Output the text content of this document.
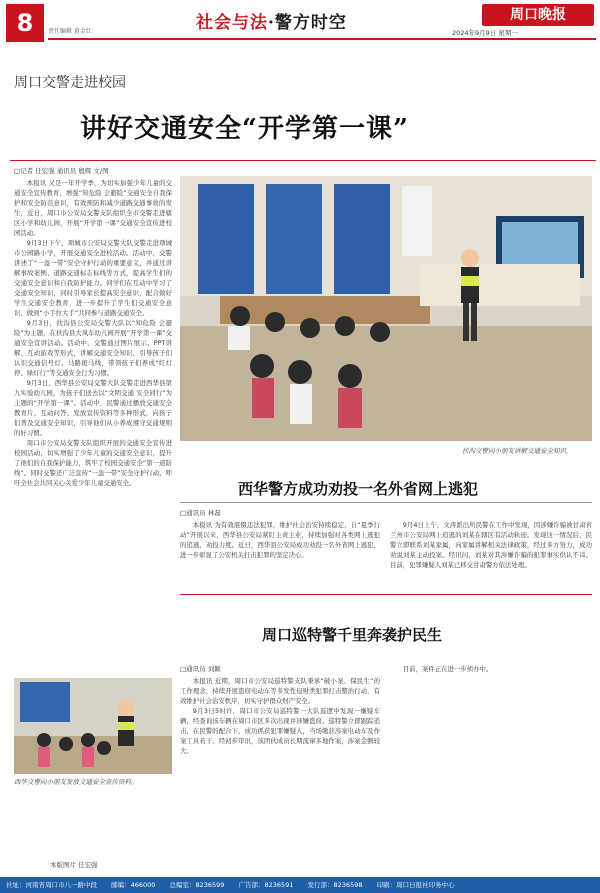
8	责任编辑 黄金红	社会与法·警方时空	周口晚报
2024年9月9日 星期一
周口交警走进校园
讲好交通安全“开学第一课”
□记者 任宏强 通讯员 殷辉 文/图

本报讯 又是一年开学季，为切实加强少年儿童的交通安全宣传教育，增强“知危险 会避险”交通安全自我保护和安全防范意识，有效预防和减少道路交通事故的发生，近日，周口市公安局交警支队组织全市交警走进辖区小学和幼儿园，开展“开学第一课”交通安全宣传进校园活动。

9月3日下午，项城市公安局交警大队交警走进项城市公园路小学，开展交通安全进校活动。活动中，交警讲述了“一盔一带”安全守护行动的重要意义，并通过讲解事故案例、道路交通标志标线等方式，提高学生们的交通安全意识和自我防护能力。同学们在互动中学习了交通安全知识，同时引导家长提高安全意识，配合做好学生交通安全教育，进一步提升了学生们交通安全意识，做到“小手拉大手”共同参与道路交通安全。

9月3日，扶沟县公安局交警大队以“知危险 会避险”为主题，在扶沟县大风车幼儿园开展“开学第一课”交通安全宣讲活动。活动中，交警通过图片展示、PPT讲解、互动游戏等形式，讲解交通安全知识，引导孩子们认识交通信号灯、马路斑马线，带领孩子们养成“红灯停、绿灯行”等交通安全行为习惯。

9月3日，西华县公安局交警大队交警走进西华县第九实验幼儿园，为孩子们送去以“文明交通 安全同行”为主题的“开学第一课”。活动中，民警通过播放交通安全教育片、互动问答、发放宣传资料等多种形式，向孩子们普及交通安全知识，引导他们从小养成遵守交通规则的好习惯。

周口市公安局交警支队组织开展的交通安全宣传进校园活动，切实增强了少年儿童的交通安全意识，提升了他们的自我保护能力，筑牢了校园交通安全“第一道防线”。同时交警还广泛宣传“一盔一带”安全守护行动，呼吁全社会共同关心关爱少年儿童交通安全。

扶沟交警向小朋友讲解交通安全知识。
西华交警向小朋友发放交通安全宣传资料。
本版图片 任宏强
西华警方成功劝投一名外省网上逃犯
□通讯员 林磊

本报讯 为有效震慑违法犯罪，维护社会治安持续稳定，自“夏季行动”开展以来，西华县公安局紧盯主责主业，持续加强对各类网上逃犯的追逃、劝投力度。近日，西华县公安局成功劝投一名外省网上逃犯，进一步彰显了公安机关打击犯罪的坚定决心。

9月4日上午，文涛派出所民警在工作中发现，因涉嫌诈骗被甘肃省兰州市公安局网上追逃的刘某在辖区有活动轨迹。发现这一情况后，民警立即联系刘某家属，向家属讲解相关法律政策，经过多方努力，成功劝说刘某主动投案。经讯问，刘某对其涉嫌诈骗的犯罪事实供认不讳。目前，犯罪嫌疑人刘某已移交甘肃警方依法处理。

周口巡特警千里奔袭护民生
□通讯员 刘颖

本报讯 近期，周口市公安局巡特警支队秉承“破小案、保民生”的工作理念，持续开展盗窃电动车等多发性侵财类犯罪打击整治行动，有效维护社会治安秩序，切实守护群众财产安全。

9月3日5时许，周口市公安局巡特警一大队巡逻中发现一嫌疑车辆，经查询该车辆在周口市区多次出现并涉嫌盗窃。巡特警立即跟踪追击，在民警的配合下，成功抓获犯罪嫌疑人，当场缴获涉案电动车及作案工具若干。经初步审讯，该团伙成员长期流窜多地作案，涉案金额较大。

目前，案件正在进一步侦办中。

社址：河南省周口市八一路中段 邮编：466000 总编室：8236599 广告部：8236591 发行部：8236598 印刷：周口日报社印务中心
